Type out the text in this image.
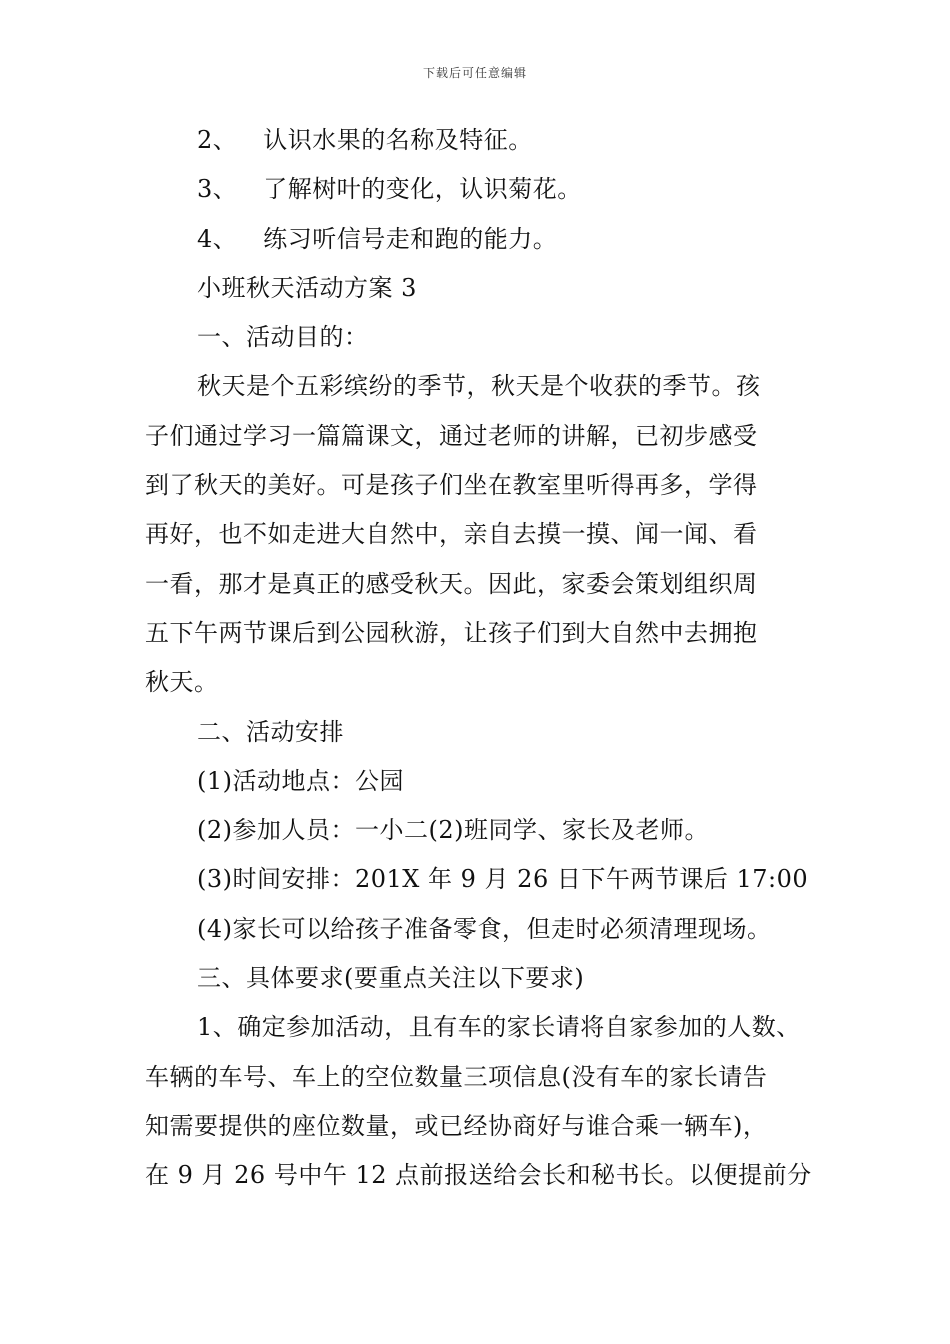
下载后可任意编辑
2、 认识水果的名称及特征。
3、 了解树叶的变化，认识菊花。
4、 练习听信号走和跑的能力。
小班秋天活动方案 3
一、活动目的：
秋天是个五彩缤纷的季节，秋天是个收获的季节。孩
子们通过学习一篇篇课文，通过老师的讲解，已初步感受
到了秋天的美好。可是孩子们坐在教室里听得再多，学得
再好，也不如走进大自然中，亲自去摸一摸、闻一闻、看
一看，那才是真正的感受秋天。因此，家委会策划组织周
五下午两节课后到公园秋游，让孩子们到大自然中去拥抱
秋天。
二、活动安排
(1)活动地点：公园
(2)参加人员：一小二(2)班同学、家长及老师。
(3)时间安排：201X 年 9 月 26 日下午两节课后 17:00
(4)家长可以给孩子准备零食，但走时必须清理现场。
三、具体要求(要重点关注以下要求)
1、确定参加活动，且有车的家长请将自家参加的人数、
车辆的车号、车上的空位数量三项信息(没有车的家长请告
知需要提供的座位数量，或已经协商好与谁合乘一辆车)，
在 9 月 26 号中午 12 点前报送给会长和秘书长。以便提前分
